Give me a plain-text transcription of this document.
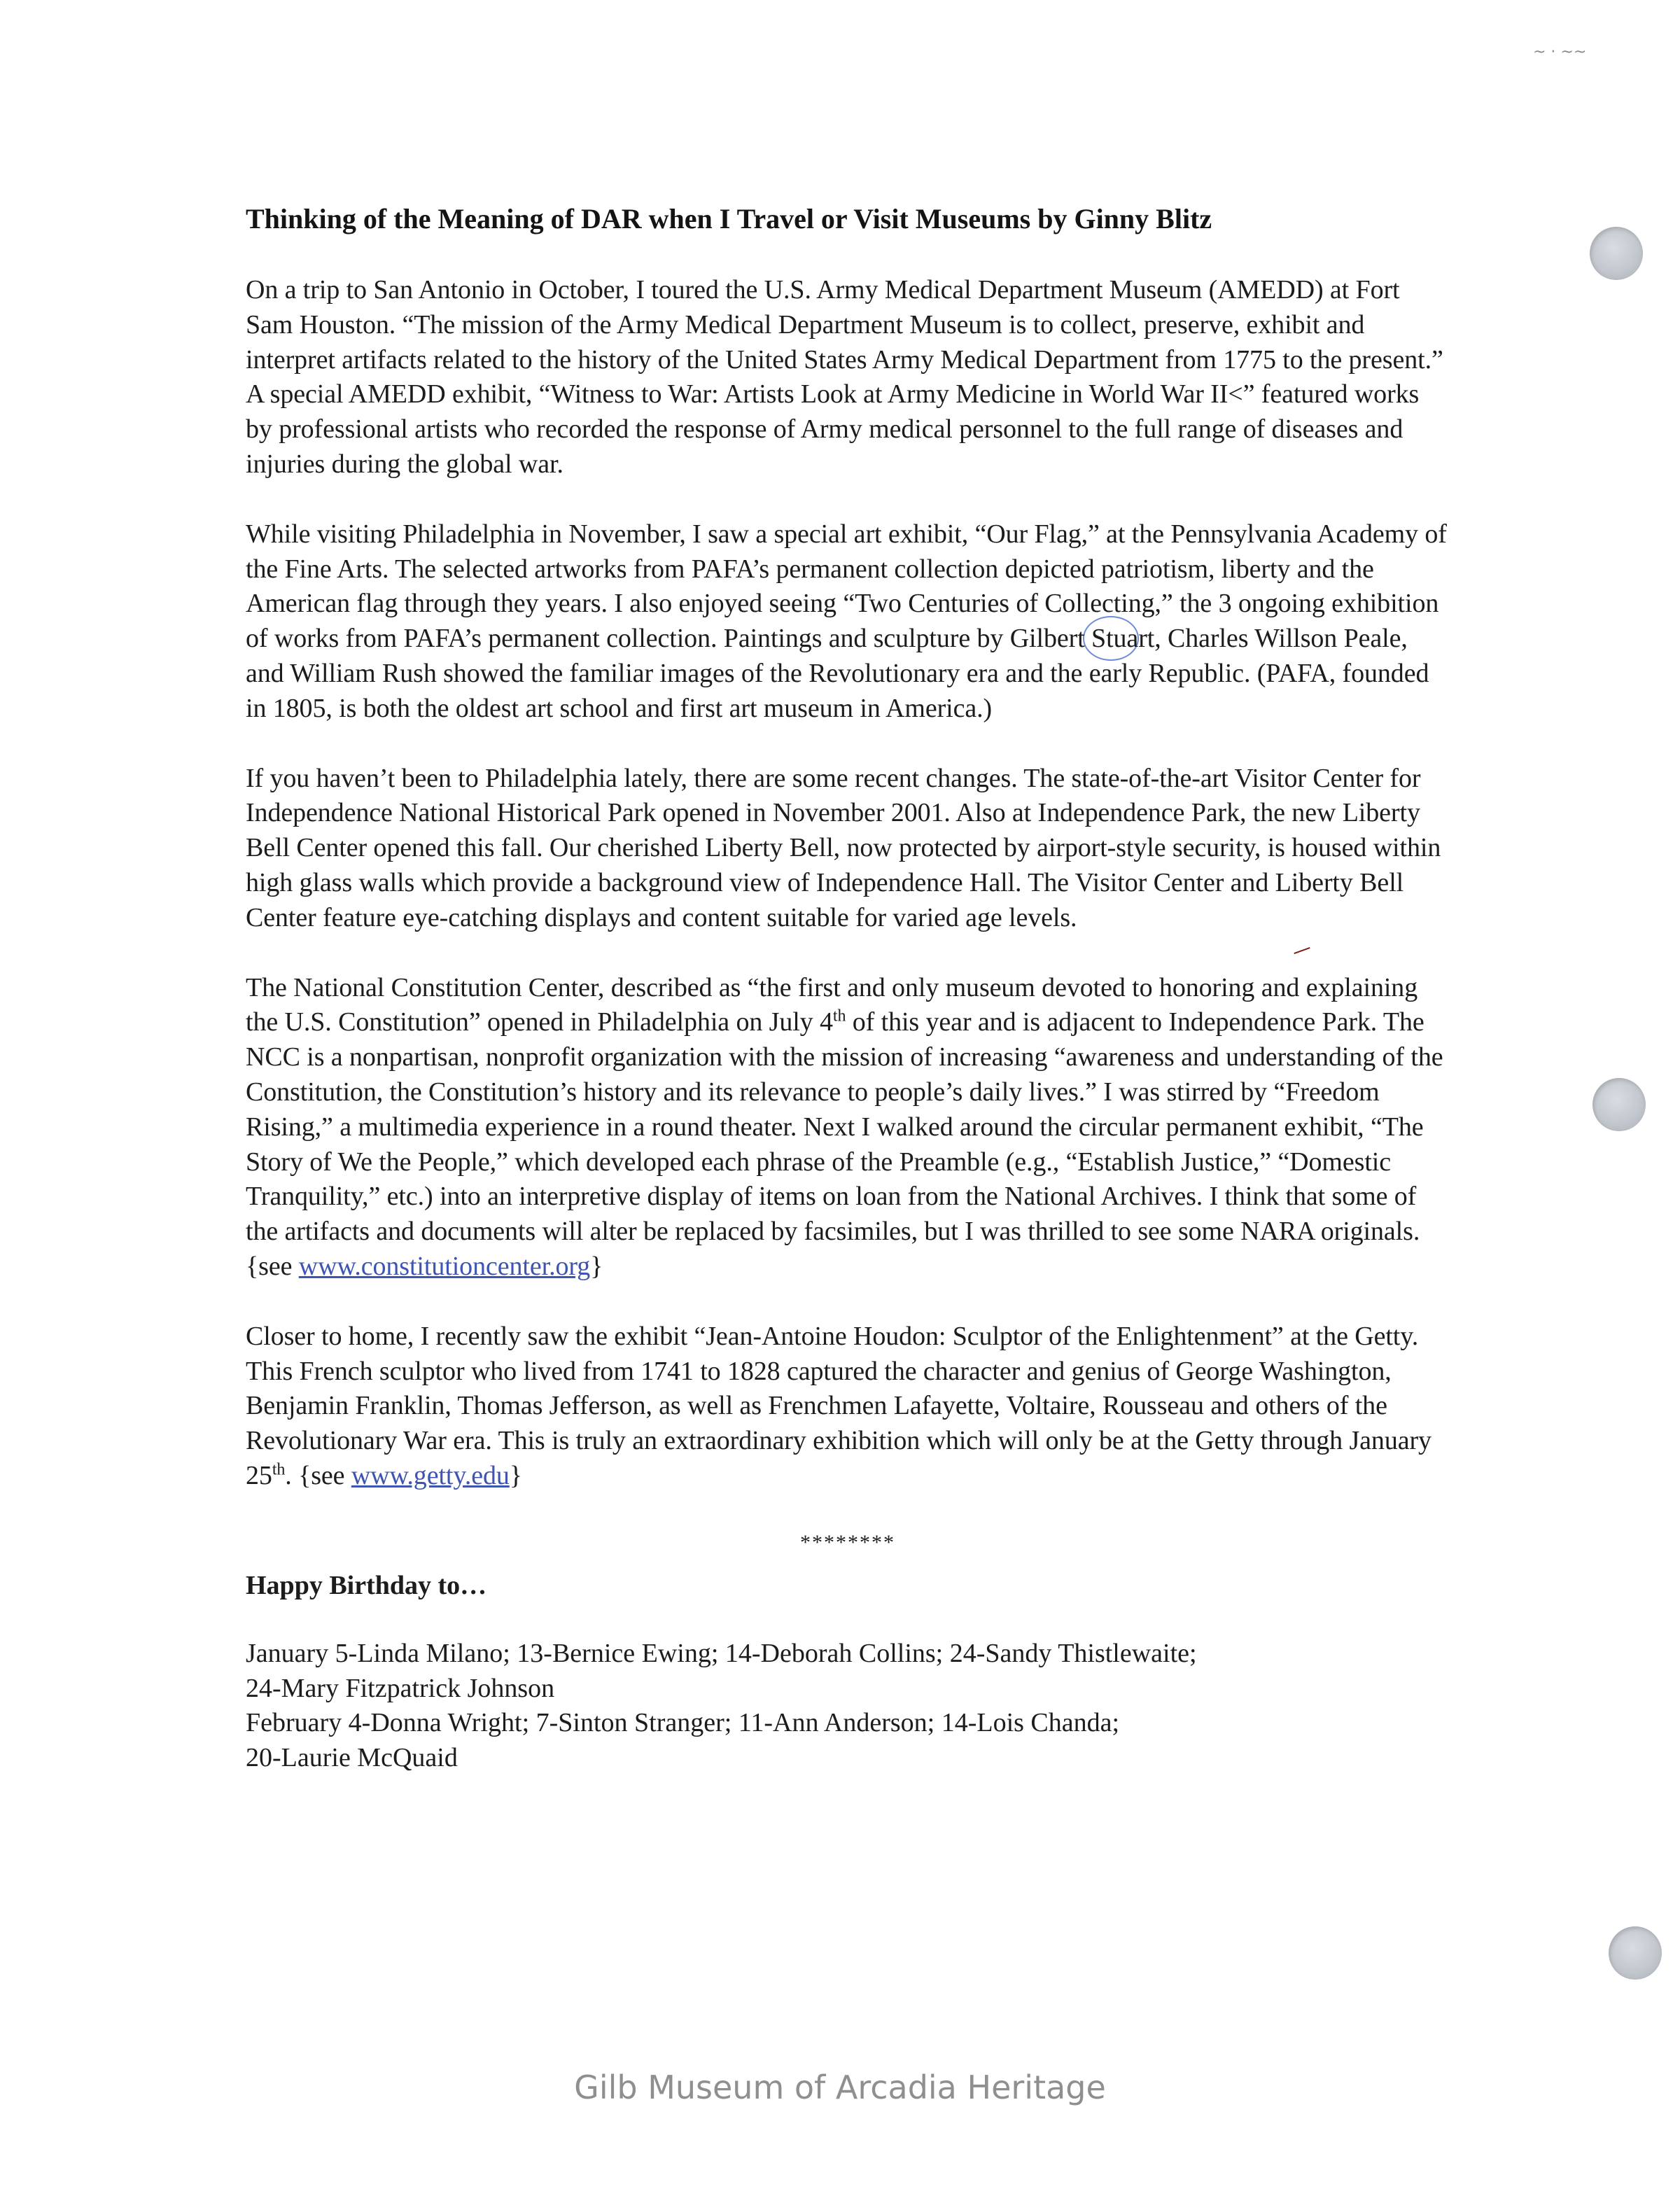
~ · ~~
Thinking of the Meaning of DAR when I Travel or Visit Museums by Ginny Blitz

On a trip to San Antonio in October, I toured the U.S. Army Medical Department Museum (AMEDD) at Fort Sam Houston. “The mission of the Army Medical Department Museum is to collect, preserve, exhibit and interpret artifacts related to the history of the United States Army Medical Department from 1775 to the present.” A special AMEDD exhibit, “Witness to War: Artists Look at Army Medicine in World War II<” featured works by professional artists who recorded the response of Army medical personnel to the full range of diseases and injuries during the global war.

While visiting Philadelphia in November, I saw a special art exhibit, “Our Flag,” at the Pennsylvania Academy of the Fine Arts. The selected artworks from PAFA’s permanent collection depicted patriotism, liberty and the American flag through they years. I also enjoyed seeing “Two Centuries of Collecting,” the 3 ongoing exhibition of works from PAFA’s permanent collection. Paintings and sculpture by Gilbert Stuart, Charles Willson Peale, and William Rush showed the familiar images of the Revolutionary era and the early Republic. (PAFA, founded in 1805, is both the oldest art school and first art museum in America.)

If you haven’t been to Philadelphia lately, there are some recent changes. The state-of-the-art Visitor Center for Independence National Historical Park opened in November 2001. Also at Independence Park, the new Liberty Bell Center opened this fall. Our cherished Liberty Bell, now protected by airport-style security, is housed within high glass walls which provide a background view of Independence Hall. The Visitor Center and Liberty Bell Center feature eye-catching displays and content suitable for varied age levels.

The National Constitution Center, described as “the first and only museum devoted to honoring and explaining the U.S. Constitution” opened in Philadelphia on July 4th of this year and is adjacent to Independence Park. The NCC is a nonpartisan, nonprofit organization with the mission of increasing “awareness and understanding of the Constitution, the Constitution’s history and its relevance to people’s daily lives.” I was stirred by “Freedom Rising,” a multimedia experience in a round theater. Next I walked around the circular permanent exhibit, “The Story of We the People,” which developed each phrase of the Preamble (e.g., “Establish Justice,” “Domestic Tranquility,” etc.) into an interpretive display of items on loan from the National Archives. I think that some of the artifacts and documents will alter be replaced by facsimiles, but I was thrilled to see some NARA originals. {see www.constitutioncenter.org}

Closer to home, I recently saw the exhibit “Jean-Antoine Houdon: Sculptor of the Enlightenment” at the Getty. This French sculptor who lived from 1741 to 1828 captured the character and genius of George Washington, Benjamin Franklin, Thomas Jefferson, as well as Frenchmen Lafayette, Voltaire, Rousseau and others of the Revolutionary War era. This is truly an extraordinary exhibition which will only be at the Getty through January 25th. {see www.getty.edu}

********
Happy Birthday to…

January 5-Linda Milano; 13-Bernice Ewing; 14-Deborah Collins; 24-Sandy Thistlewaite;

24-Mary Fitzpatrick Johnson

February 4-Donna Wright; 7-Sinton Stranger; 11-Ann Anderson; 14-Lois Chanda;

20-Laurie McQuaid

Gilb Museum of Arcadia Heritage
